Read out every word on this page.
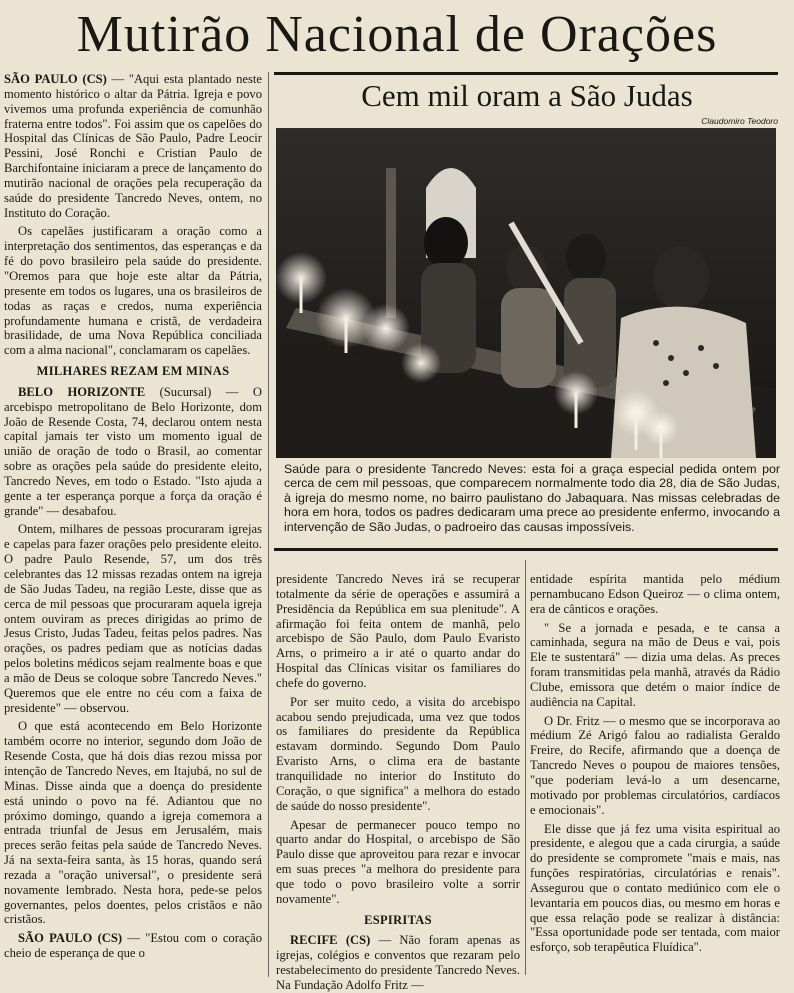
Mutirão Nacional de Orações

SÃO PAULO (CS) — "Aqui esta plantado neste momento histórico o altar da Pátria. Igreja e povo vivemos uma profunda experiência de comunhão fraterna entre todos". Foi assim que os capelões do Hospital das Clínicas de São Paulo, Padre Leocir Pessini, José Ronchi e Cristian Paulo de Barchifontaine iniciaram a prece de lançamento do mutirão nacional de orações pela recuperação da saúde do presidente Tancredo Neves, ontem, no Instituto do Coração.

Os capelães justificaram a oração como a interpretação dos sentimentos, das esperanças e da fé do povo brasileiro pela saúde do presidente. "Oremos para que hoje este altar da Pátria, presente em todos os lugares, una os brasileiros de todas as raças e credos, numa experiência profundamente humana e cristã, de verdadeira brasilidade, de uma Nova República conciliada com a alma nacional", conclamaram os capelães.

MILHARES REZAM EM MINAS

BELO HORIZONTE (Sucursal) — O arcebispo metropolitano de Belo Horizonte, dom João de Resende Costa, 74, declarou ontem nesta capital jamais ter visto um momento igual de união de oração de todo o Brasil, ao comentar sobre as orações pela saúde do presidente eleito, Tancredo Neves, em todo o Estado. "Isto ajuda a gente a ter esperança porque a força da oração é grande" — desabafou.

Ontem, milhares de pessoas procuraram igrejas e capelas para fazer orações pelo presidente eleito. O padre Paulo Resende, 57, um dos três celebrantes das 12 missas rezadas ontem na igreja de São Judas Tadeu, na região Leste, disse que as cerca de mil pessoas que procuraram aquela igreja ontem ouviram as preces dirigidas ao primo de Jesus Cristo, Judas Tadeu, feitas pelos padres. Nas orações, os padres pediam que as notícias dadas pelos boletins médicos sejam realmente boas e que a mão de Deus se coloque sobre Tancredo Neves." Queremos que ele entre no céu com a faixa de presidente" — observou.

O que está acontecendo em Belo Horizonte também ocorre no interior, segundo dom João de Resende Costa, que há dois dias rezou missa por intenção de Tancredo Neves, em Itajubá, no sul de Minas. Disse ainda que a doença do presidente está unindo o povo na fé. Adiantou que no próximo domingo, quando a igreja comemora a entrada triunfal de Jesus em Jerusalém, mais preces serão feitas pela saúde de Tancredo Neves. Já na sexta-feira santa, às 15 horas, quando será rezada a "oração universal", o presidente será novamente lembrado. Nesta hora, pede-se pelos governantes, pelos doentes, pelos cristãos e não cristãos.

SÃO PAULO (CS) — "Estou com o coração cheio de esperança de que o

Cem mil oram a São Judas
Claudomiro Teodoro
Saúde para o presidente Tancredo Neves: esta foi a graça especial pedida ontem por cerca de cem mil pessoas, que comparecem normalmente todo dia 28, dia de São Judas, à igreja do mesmo nome, no bairro paulistano do Jabaquara. Nas missas celebradas de hora em hora, todos os padres dedicaram uma prece ao presidente enfermo, invocando a intervenção de São Judas, o padroeiro das causas impossíveis.

presidente Tancredo Neves irá se recuperar totalmente da série de operações e assumirá a Presidência da República em sua plenitude". A afirmação foi feita ontem de manhã, pelo arcebispo de São Paulo, dom Paulo Evaristo Arns, o primeiro a ir até o quarto andar do Hospital das Clínicas visitar os familiares do chefe do governo.

Por ser muito cedo, a visita do arcebispo acabou sendo prejudicada, uma vez que todos os familiares do presidente da República estavam dormindo. Segundo Dom Paulo Evaristo Arns, o clima era de bastante tranquilidade no interior do Instituto do Coração, o que significa" a melhora do estado de saúde do nosso presidente".

Apesar de permanecer pouco tempo no quarto andar do Hospital, o arcebispo de São Paulo disse que aproveitou para rezar e invocar em suas preces "a melhora do presidente para que todo o povo brasileiro volte a sorrir novamente".

ESPIRITAS

RECIFE (CS) — Não foram apenas as igrejas, colégios e conventos que rezaram pelo restabelecimento do presidente Tancredo Neves. Na Fundação Adolfo Fritz —

entidade espírita mantida pelo médium pernambucano Edson Queiroz — o clima ontem, era de cânticos e orações.

" Se a jornada e pesada, e te cansa a caminhada, segura na mão de Deus e vai, pois Ele te sustentará" — dizia uma delas. As preces foram transmitidas pela manhã, através da Rádio Clube, emissora que detém o maior índice de audiência na Capital.

O Dr. Fritz — o mesmo que se incorporava ao médium Zé Arigó falou ao radialista Geraldo Freire, do Recife, afirmando que a doença de Tancredo Neves o poupou de maiores tensões, "que poderiam levá-lo a um desencarne, motivado por problemas circulatórios, cardíacos e emocionais".

Ele disse que já fez uma visita espiritual ao presidente, e alegou que a cada cirurgia, a saúde do presidente se compromete "mais e mais, nas funções respiratórias, circulatórias e renais". Assegurou que o contato mediúnico com ele o levantaria em poucos dias, ou mesmo em horas e que essa relação pode se realizar à distância: "Essa oportunidade pode ser tentada, com maior esforço, sob terapêutica Fluídica".
